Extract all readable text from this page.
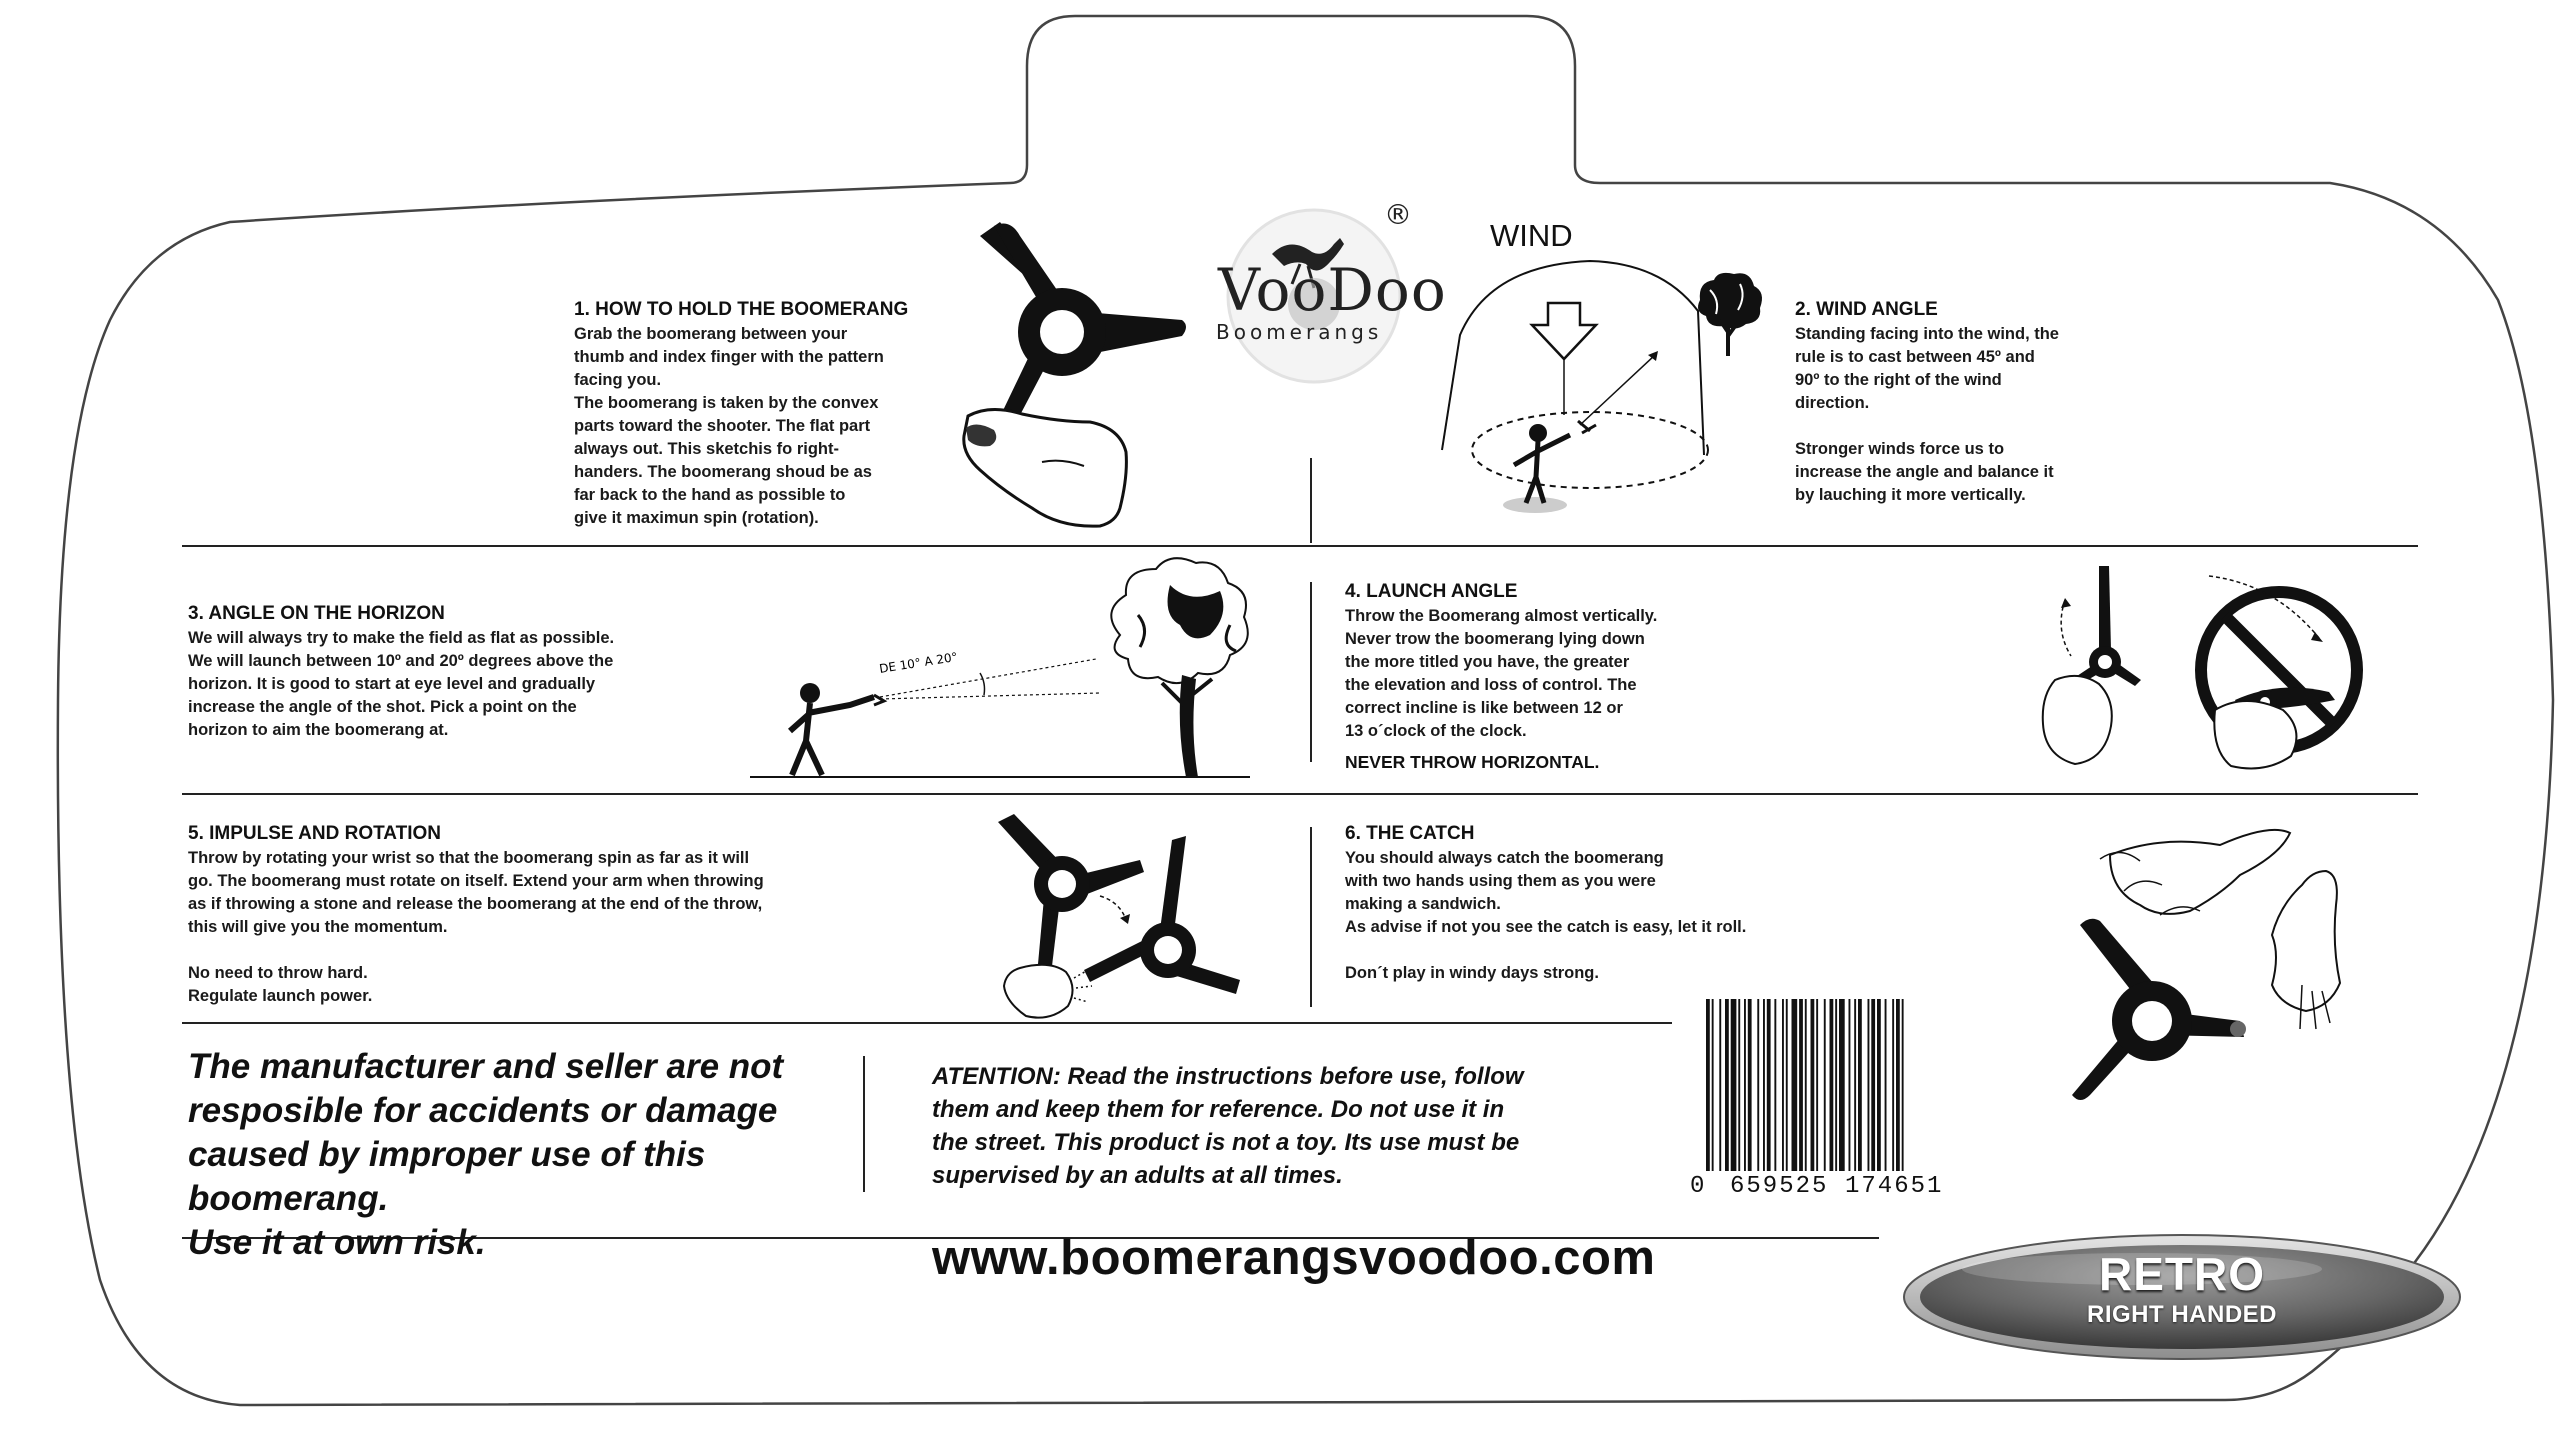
VooDoo
Boomerangs
®
1. HOW TO HOLD THE BOOMERANG
Grab the boomerang between your
thumb and index finger with the pattern
facing you.
The boomerang is taken by the convex
parts toward the shooter. The flat part
always out. This sketchis fo right-
handers. The boomerang shoud be as
far back to the hand as possible to
give it maximun spin (rotation).
WIND
2. WIND ANGLE
Standing facing into the wind, the
rule is to cast between 45º and
90º to the right of the wind
direction.

Stronger winds force us to
increase the angle and balance it
by lauching it more vertically.
3. ANGLE ON THE HORIZON
We will always try to make the field as flat as possible.
We will launch between 10º and 20º degrees above the
horizon. It is good to start at eye level and gradually
increase the angle of the shot. Pick a point on the
horizon to aim the boomerang at.
DE 10° A 20°
4. LAUNCH ANGLE
Throw the Boomerang almost vertically.
Never trow the boomerang lying down
the more titled you have, the greater
the elevation and loss of control. The
correct incline is like between 12 or
13 o´clock of the clock.
NEVER THROW HORIZONTAL.
5. IMPULSE AND ROTATION
Throw by rotating your wrist so that the boomerang spin as far as it will
go. The boomerang must rotate on itself. Extend your arm when throwing
as if throwing a stone and release the boomerang at the end of the throw,
this will give you the momentum.

No need to throw hard.
Regulate launch power.
6. THE CATCH
You should always catch the boomerang
with two hands using them as you were
making a sandwich.
As advise if not you see the catch is easy, let it roll.

Don´t play in windy days strong.
The manufacturer and seller are not
resposible for accidents or damage
caused by improper use of this boomerang.
Use it at own risk.
ATENTION: Read the instructions before use, follow
them and keep them for reference. Do not use it in
the street. This product is not a toy. Its use must be
supervised by an adults at all times.	0 659525 174651
www.boomerangsvoodoo.com	RETRO
RIGHT HANDED
